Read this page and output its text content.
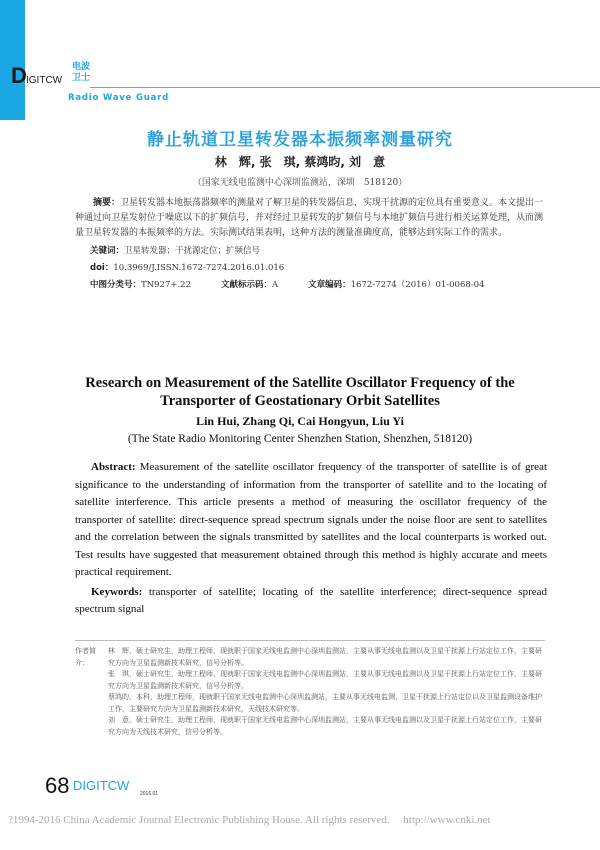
D IGITCW
电波
卫士
Radio Wave Guard
静止轨道卫星转发器本振频率测量研究
林　辉, 张　琪, 蔡鸿昀, 刘　意
（国家无线电监测中心深圳监测站，深圳　518120）
摘要：卫星转发器本地振荡器频率的测量对了解卫星的转发器信息，实现干扰源的定位具有重要意义。本文提出一种通过向卫星发射位于噪底以下的扩频信号，并对经过卫星转发的扩频信号与本地扩频信号进行相关运算处理，从而测量卫星转发器的本振频率的方法。实际测试结果表明，这种方法的测量准确度高，能够达到实际工作的需求。
关键词：卫星转发器；干扰源定位；扩频信号
doi：10.3969/J.ISSN.1672-7274.2016.01.016
中图分类号：TN927+.22	文献标示码：A	文章编码：1672-7274（2016）01-0068-04
Research on Measurement of the Satellite Oscillator Frequency of the
Transporter of Geostationary Orbit Satellites
Lin Hui, Zhang Qi, Cai Hongyun, Liu Yi
(The State Radio Monitoring Center Shenzhen Station, Shenzhen, 518120)
Abstract: Measurement of the satellite oscillator frequency of the transporter of satellite is of great significance to the understanding of information from the transporter of satellite and to the locating of satellite interference. This article presents a method of measuring the oscillator frequency of the transporter of satellite: direct-sequence spread spectrum signals under the noise floor are sent to satellites and the correlation between the signals transmitted by satellites and the local counterparts is worked out. Test results have suggested that measurement obtained through this method is highly accurate and meets practical requirement.
Keywords: transporter of satellite; locating of the satellite interference; direct-sequence spread spectrum signal
作者简介：
林　辉，硕士研究生，助理工程师，现就职于国家无线电监测中心深圳监测站，主要从事无线电监测以及卫星干扰源上行站定位工作，主要研究方向为卫星监测新技术研究，信号分析等。
张　琪，硕士研究生，助理工程师，现就职于国家无线电监测中心深圳监测站，主要从事无线电监测以及卫星干扰源上行站定位工作，主要研究方向为卫星监测新技术研究，信号分析等。
蔡鸿昀，本科，助理工程师，现就职于国家无线电监测中心深圳监测站，主要从事无线电监测、卫星干扰源上行站定位以及卫星监测设备维护工作，主要研究方向为卫星监测新技术研究，天线技术研究等。
刘　意，硕士研究生，助理工程师，现就职于国家无线电监测中心深圳监测站，主要从事无线电监测以及卫星干扰源上行站定位工作，主要研究方向为天线技术研究，信号分析等。
68 DIGITCW
2016.01
?1994-2016 China Academic Journal Electronic Publishing House. All rights reserved.　 http://www.cnki.net
